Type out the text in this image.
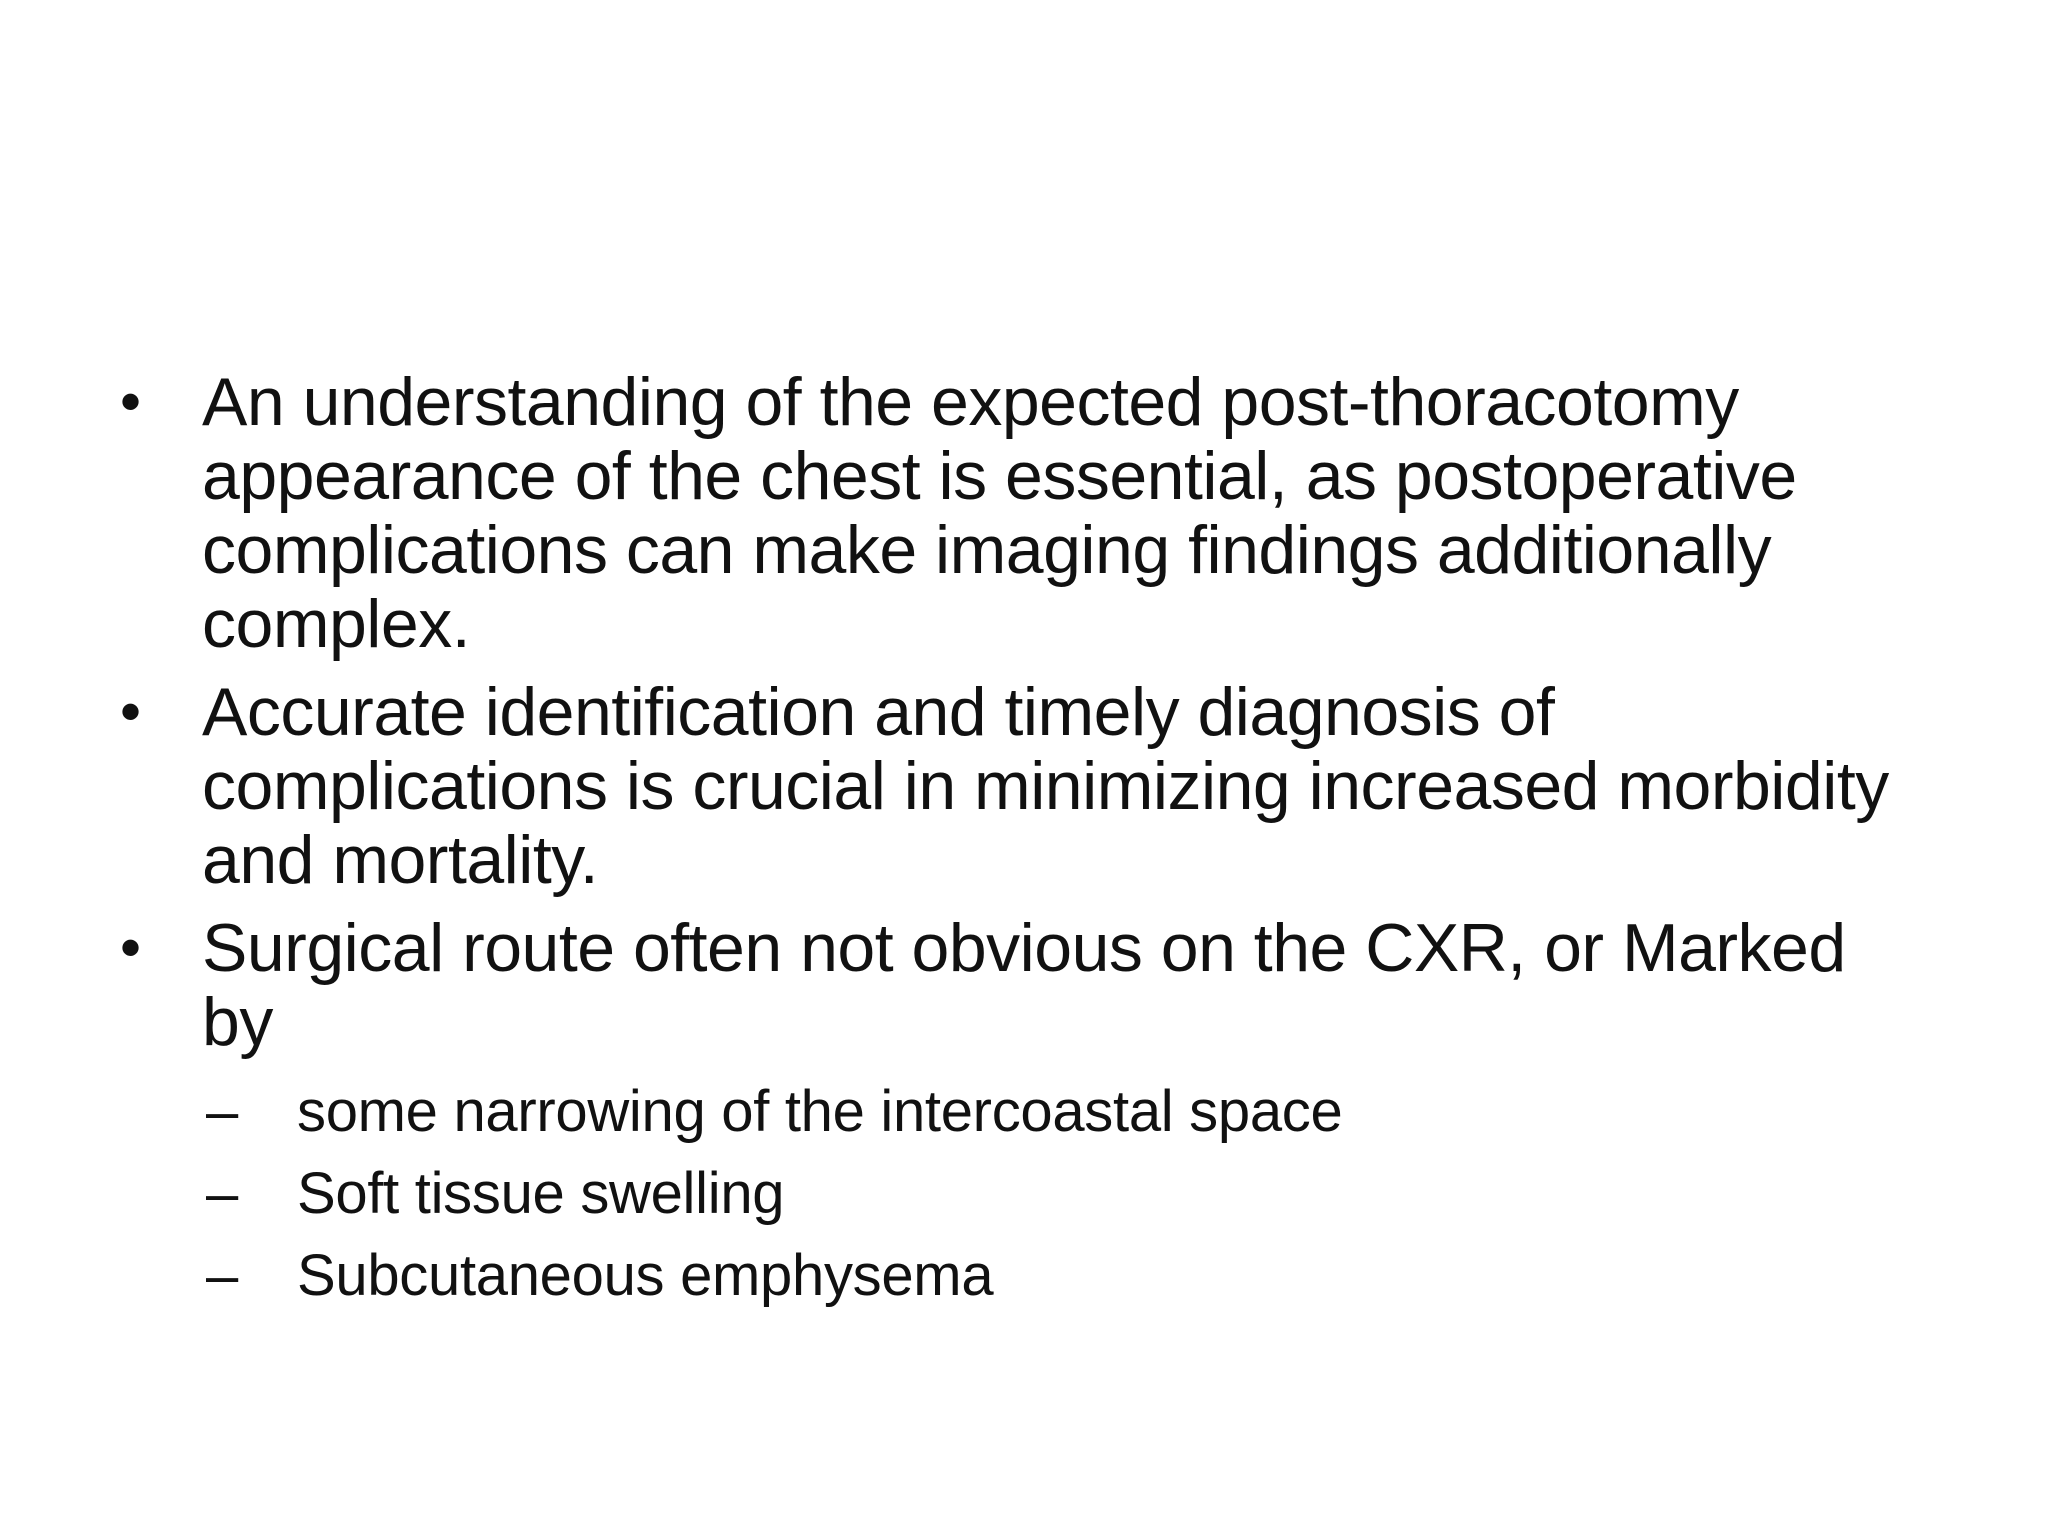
• An understanding of the expected post-thoracotomy appearance of the chest is essential, as postoperative complications can make imaging findings additionally complex.
• Accurate identification and timely diagnosis of complications is crucial in minimizing increased morbidity and mortality.
• Surgical route often not obvious on the CXR, or Marked by
–	some narrowing of the intercoastal space
–	Soft tissue swelling
–	Subcutaneous emphysema
